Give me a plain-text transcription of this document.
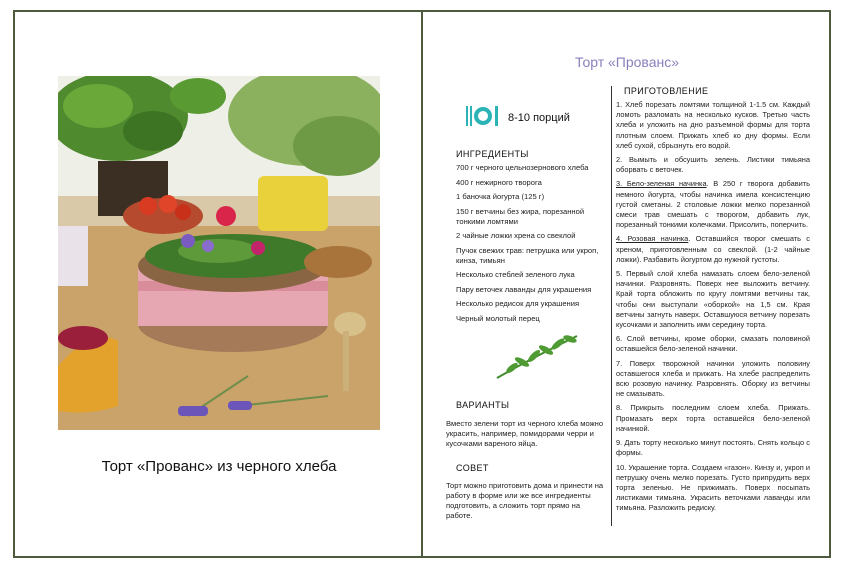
Торт «Прованс» из черного хлеба
Торт «Прованс»
8-10 порций
ИНГРЕДИЕНТЫ
700 г черного цельнозернового хлеба
400 г нежирного творога
1 баночка йогурта (125 г)
150 г ветчины без жира, порезанной тонкими ломтями
2 чайные ложки хрена со свеклой
Пучок свежих трав: петрушка или укроп, кинза, тимьян
Несколько стеблей зеленого лука
Пару веточек лаванды для украшения
Несколько редисок для украшения
Черный молотый перец
ВАРИАНТЫ
Вместо зелени торт из черного хлеба можно украсить, например, помидорами черри и кусочками вареного яйца.
СОВЕТ
Торт можно приготовить дома и принести на работу в форме или же все ингредиенты подготовить, а сложить торт прямо на работе.
ПРИГОТОВЛЕНИЕ
1. Хлеб порезать ломтями толщиной 1-1.5 см. Каждый ломоть разломать на несколько кусков. Третью часть хлеба и уложить на дно разъемной формы для торта плотным слоем. Прижать хлеб ко дну формы. Если хлеб сухой, сбрызнуть его водой.
2. Вымыть и обсушить зелень. Листики тимьяна оборвать с веточек.
3. Бело-зеленая начинка. В 250 г творога добавить немного йогурта, чтобы начинка имела консистенцию густой сметаны. 2 столовые ложки мелко порезанной смеси трав смешать с творогом, добавить лук, порезанный тонкими колечками. Присолить, поперчить.
4. Розовая начинка. Оставшийся творог смешать с хреном, приготовленным со свеклой. (1-2 чайные ложки). Разбавить йогуртом до нужной густоты.
5. Первый слой хлеба намазать слоем бело-зеленой начинки. Разровнять. Поверх нее выложить ветчину. Край торта обложить по кругу ломтями ветчины так, чтобы они выступали «оборкой» на 1,5 см. Края ветчины загнуть наверх. Оставшуюся ветчину порезать кусочками и заполнить ими середину торта.
6. Слой ветчины, кроме оборки, смазать половиной оставшейся бело-зеленой начинки.
7. Поверх творожной начинки уложить половину оставшегося хлеба и прижать. На хлебе распределить всю розовую начинку. Разровнять. Оборку из ветчины не смазывать.
8. Прикрыть последним слоем хлеба. Прижать. Промазать верх торта оставшейся бело-зеленой начинкой.
9. Дать торту несколько минут постоять. Снять кольцо с формы.
10. Украшение торта. Создаем «газон». Кинзу и, укроп и петрушку очень мелко порезать. Густо припрудить верх торта зеленью. Не прижимать. Поверх посыпать листиками тимьяна. Украсить веточками лаванды или тимьяна. Разложить редиску.
